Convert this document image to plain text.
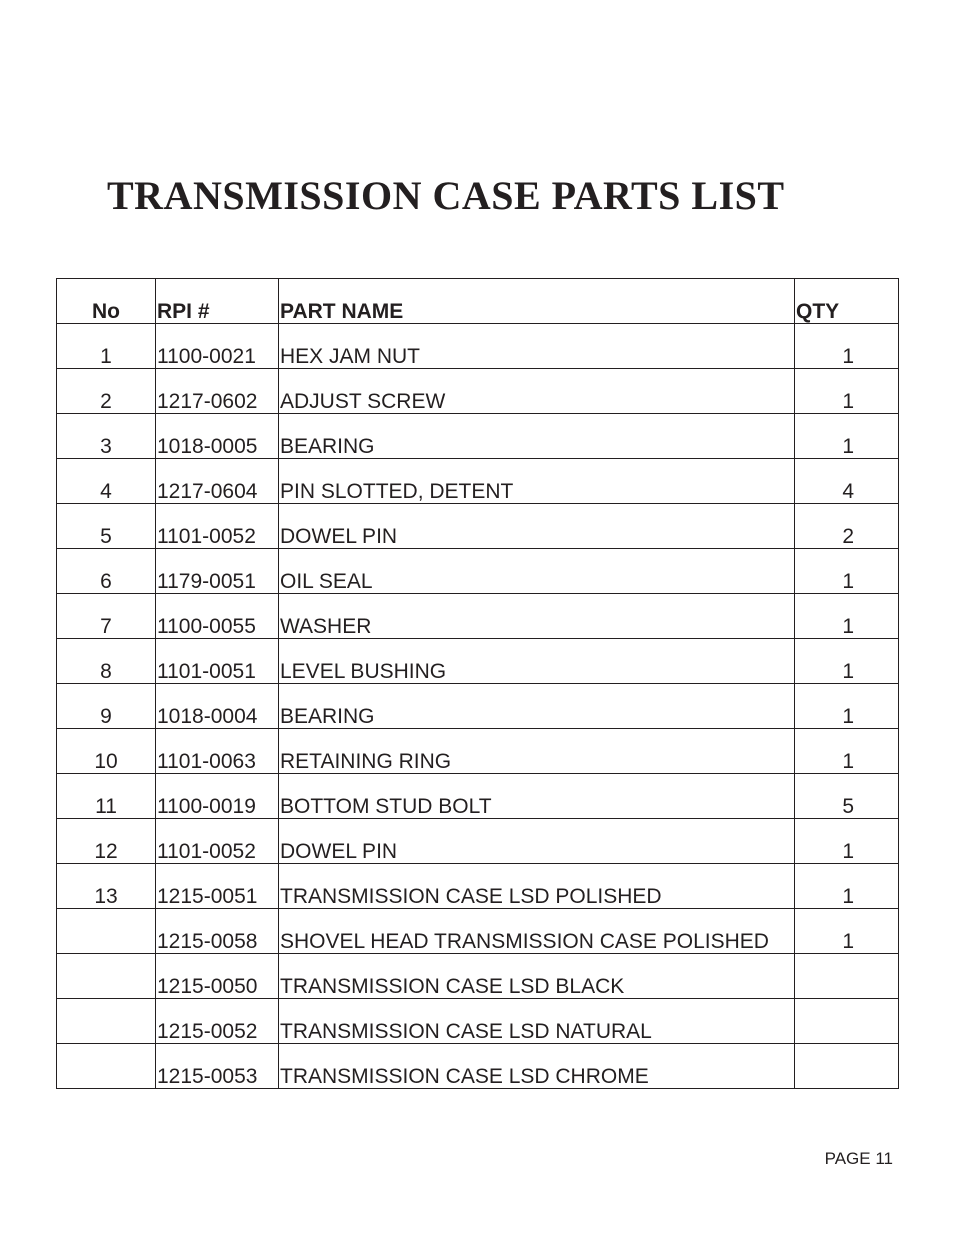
TRANSMISSION CASE PARTS LIST
No	RPI #	PART NAME	QTY
1	1100-0021	HEX JAM NUT	1
2	1217-0602	ADJUST SCREW	1
3	1018-0005	BEARING	1
4	1217-0604	PIN SLOTTED, DETENT	4
5	1101-0052	DOWEL PIN	2
6	1179-0051	OIL SEAL	1
7	1100-0055	WASHER	1
8	1101-0051	LEVEL BUSHING	1
9	1018-0004	BEARING	1
10	1101-0063	RETAINING RING	1
11	1100-0019	BOTTOM STUD BOLT	5
12	1101-0052	DOWEL PIN	1
13	1215-0051	TRANSMISSION CASE LSD POLISHED	1
	1215-0058	SHOVEL HEAD TRANSMISSION CASE POLISHED	1
	1215-0050	TRANSMISSION CASE LSD BLACK	
	1215-0052	TRANSMISSION CASE LSD NATURAL	
	1215-0053	TRANSMISSION CASE LSD CHROME	
PAGE 11
